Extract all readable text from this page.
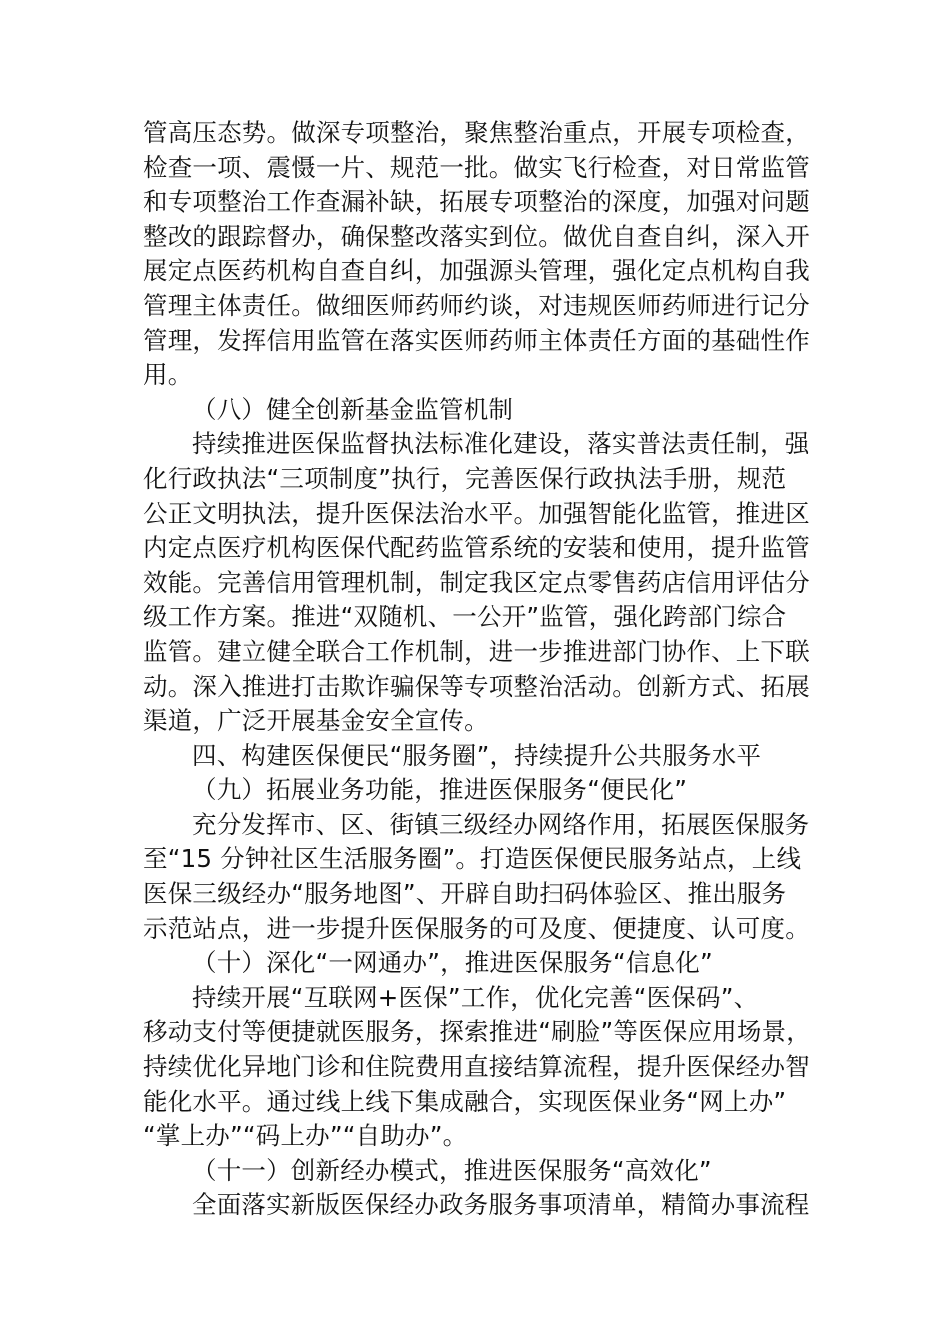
管高压态势。做深专项整治，聚焦整治重点，开展专项检查，
检查一项、震慑一片、规范一批。做实飞行检查，对日常监管
和专项整治工作查漏补缺，拓展专项整治的深度，加强对问题
整改的跟踪督办，确保整改落实到位。做优自查自纠，深入开
展定点医药机构自查自纠，加强源头管理，强化定点机构自我
管理主体责任。做细医师药师约谈，对违规医师药师进行记分
管理，发挥信用监管在落实医师药师主体责任方面的基础性作
用。
（八）健全创新基金监管机制
持续推进医保监督执法标准化建设，落实普法责任制，强
化行政执法“三项制度”执行，完善医保行政执法手册，规范
公正文明执法，提升医保法治水平。加强智能化监管，推进区
内定点医疗机构医保代配药监管系统的安装和使用，提升监管
效能。完善信用管理机制，制定我区定点零售药店信用评估分
级工作方案。推进“双随机、一公开”监管，强化跨部门综合
监管。建立健全联合工作机制，进一步推进部门协作、上下联
动。深入推进打击欺诈骗保等专项整治活动。创新方式、拓展
渠道，广泛开展基金安全宣传。
四、构建医保便民“服务圈”，持续提升公共服务水平
（九）拓展业务功能，推进医保服务“便民化”
充分发挥市、区、街镇三级经办网络作用，拓展医保服务
至“15 分钟社区生活服务圈”。打造医保便民服务站点，上线
医保三级经办“服务地图”、开辟自助扫码体验区、推出服务
示范站点，进一步提升医保服务的可及度、便捷度、认可度。
（十）深化“一网通办”，推进医保服务“信息化”
持续开展“互联网+医保”工作，优化完善“医保码”、
移动支付等便捷就医服务，探索推进“刷脸”等医保应用场景，
持续优化异地门诊和住院费用直接结算流程，提升医保经办智
能化水平。通过线上线下集成融合，实现医保业务“网上办”
“掌上办”“码上办”“自助办”。
（十一）创新经办模式，推进医保服务“高效化”
全面落实新版医保经办政务服务事项清单，精简办事流程
